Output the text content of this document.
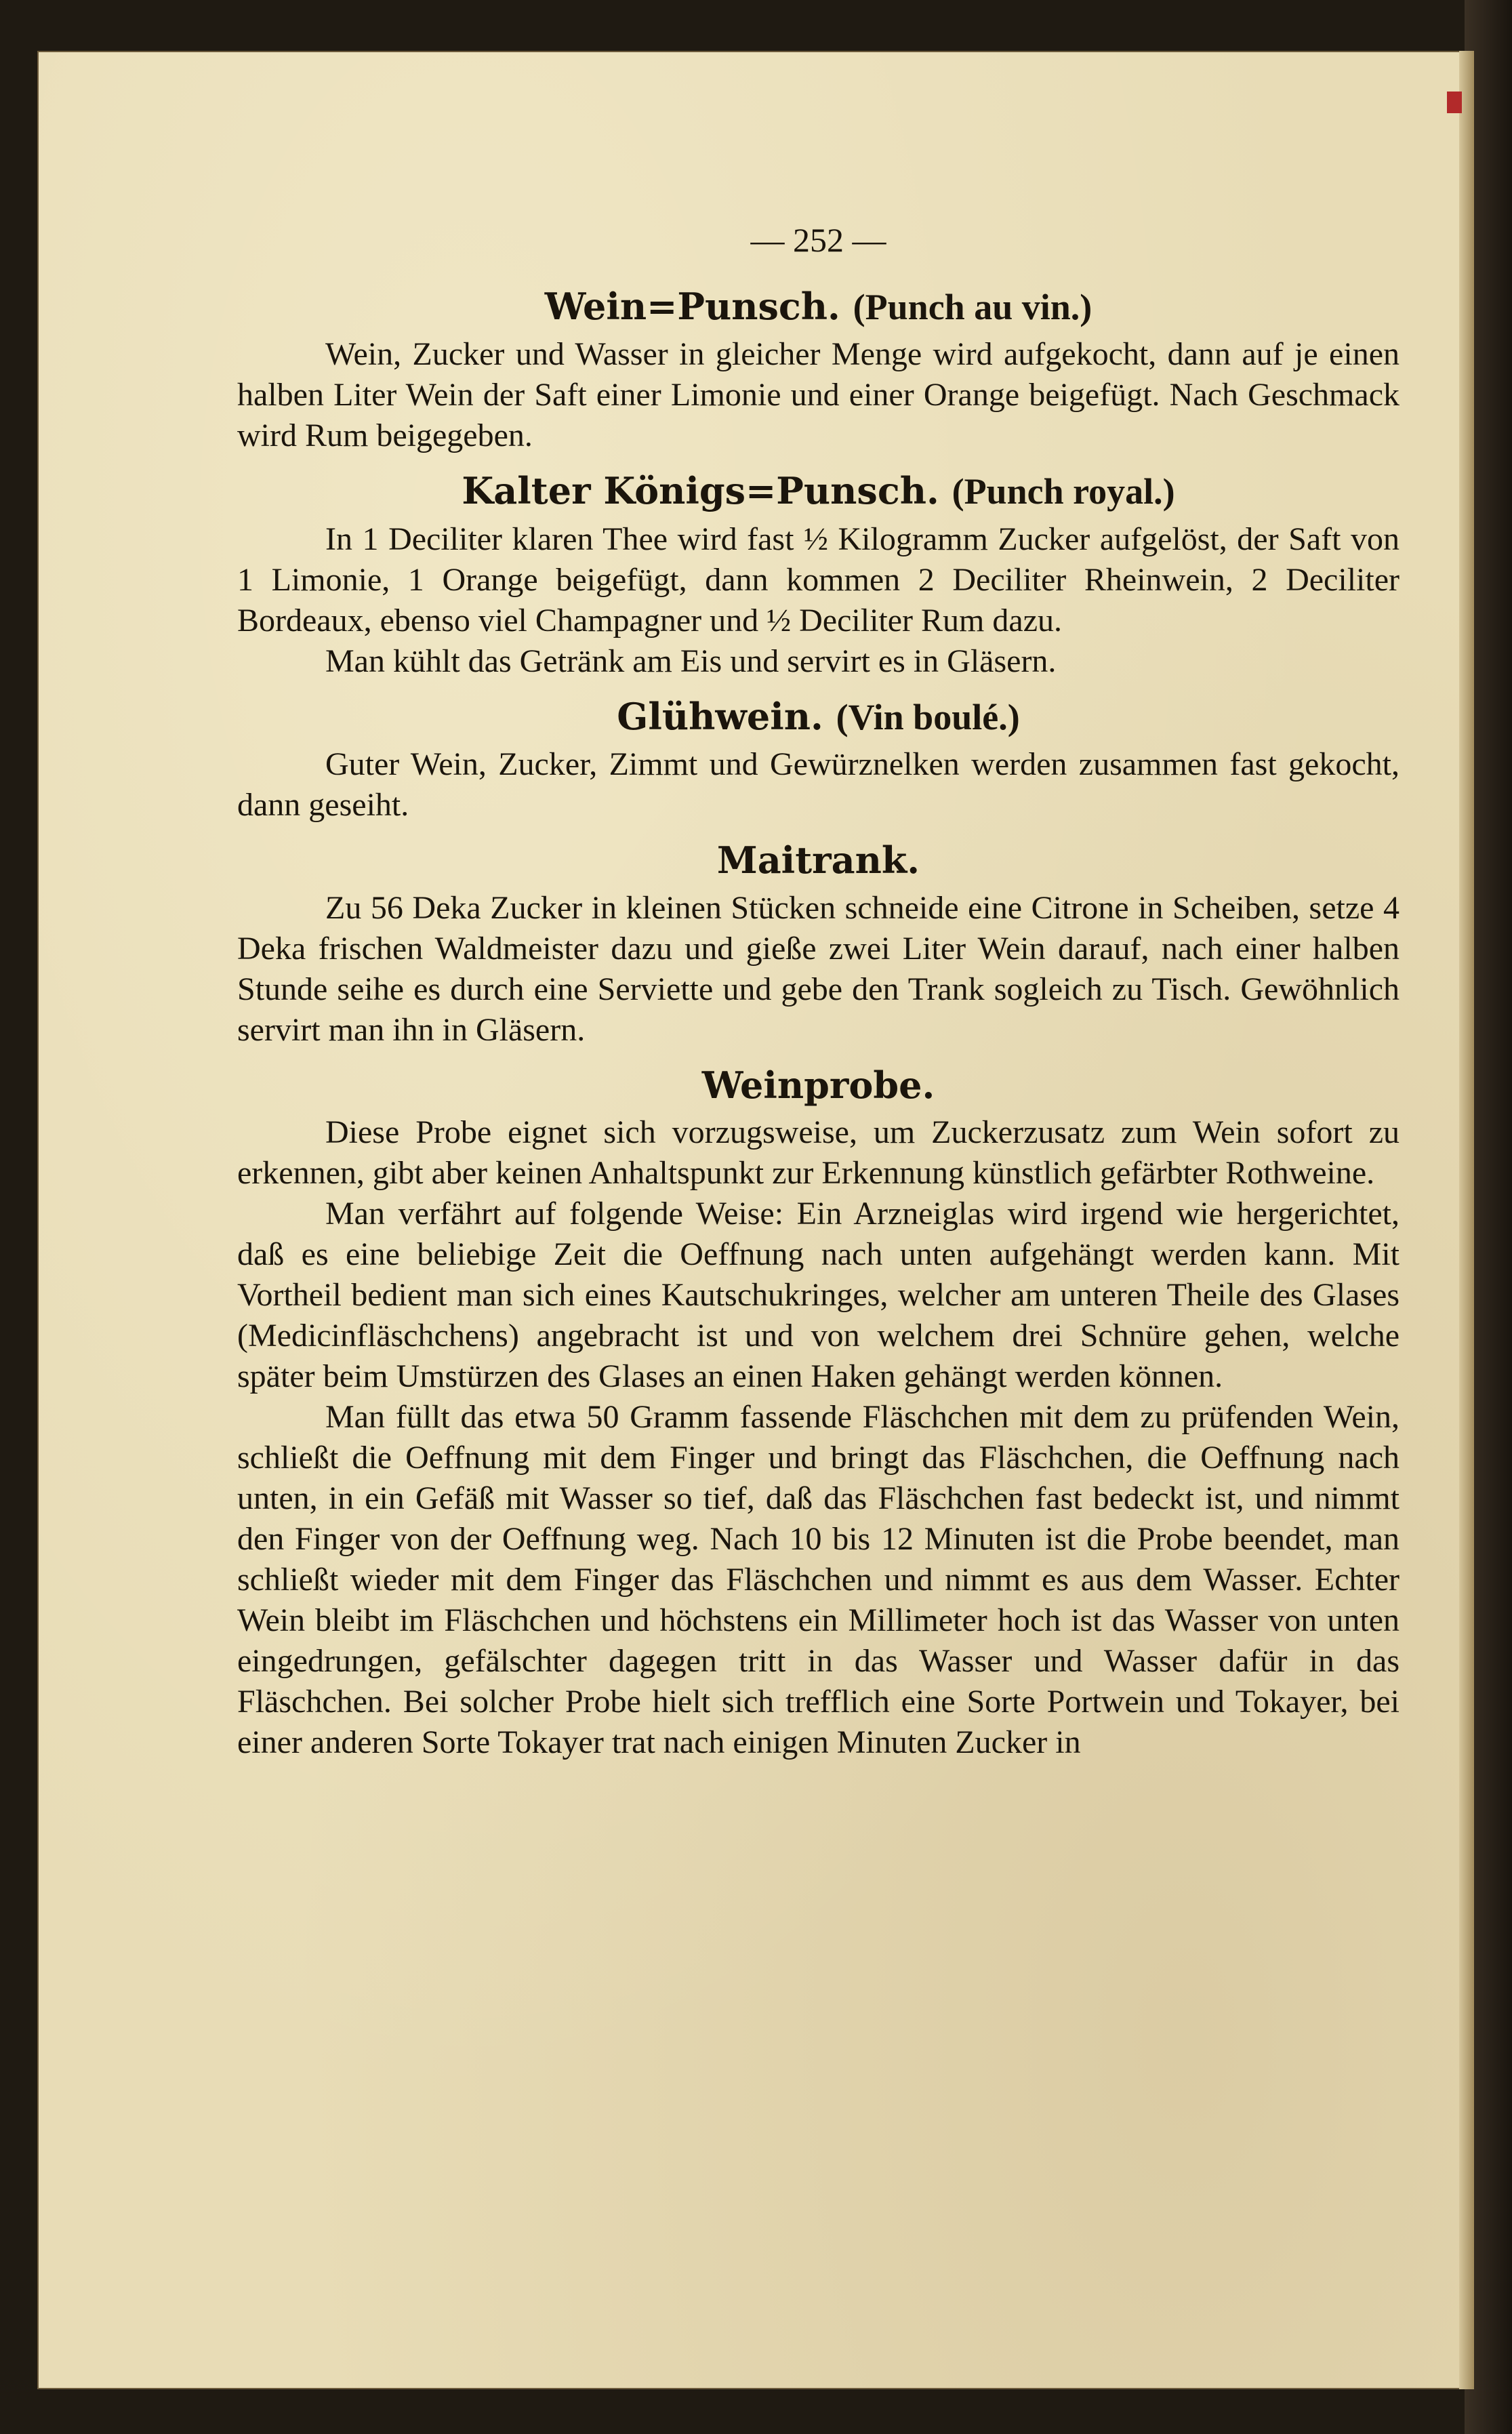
— 252 —
Wein=Punsch. (Punch au vin.)

Wein, Zucker und Wasser in gleicher Menge wird aufgekocht, dann auf je einen halben Liter Wein der Saft einer Limonie und einer Orange beigefügt. Nach Geschmack wird Rum beigegeben.

Kalter Königs=Punsch. (Punch royal.)

In 1 Deciliter klaren Thee wird fast ½ Kilogramm Zucker aufgelöst, der Saft von 1 Limonie, 1 Orange beigefügt, dann kommen 2 Deciliter Rheinwein, 2 Deciliter Bordeaux, ebenso viel Champagner und ½ Deciliter Rum dazu.

Man kühlt das Getränk am Eis und servirt es in Gläsern.

Glühwein. (Vin boulé.)

Guter Wein, Zucker, Zimmt und Gewürznelken werden zusammen fast gekocht, dann geseiht.

Maitrank.

Zu 56 Deka Zucker in kleinen Stücken schneide eine Citrone in Scheiben, setze 4 Deka frischen Waldmeister dazu und gieße zwei Liter Wein darauf, nach einer halben Stunde seihe es durch eine Serviette und gebe den Trank sogleich zu Tisch. Gewöhnlich servirt man ihn in Gläsern.

Weinprobe.

Diese Probe eignet sich vorzugsweise, um Zuckerzusatz zum Wein sofort zu erkennen, gibt aber keinen Anhaltspunkt zur Erkennung künstlich gefärbter Rothweine.

Man verfährt auf folgende Weise: Ein Arzneiglas wird irgend wie hergerichtet, daß es eine beliebige Zeit die Oeffnung nach unten aufgehängt werden kann. Mit Vortheil bedient man sich eines Kautschukringes, welcher am unteren Theile des Glases (Medicinfläschchens) angebracht ist und von welchem drei Schnüre gehen, welche später beim Umstürzen des Glases an einen Haken gehängt werden können.

Man füllt das etwa 50 Gramm fassende Fläschchen mit dem zu prüfenden Wein, schließt die Oeffnung mit dem Finger und bringt das Fläschchen, die Oeffnung nach unten, in ein Gefäß mit Wasser so tief, daß das Fläschchen fast bedeckt ist, und nimmt den Finger von der Oeffnung weg. Nach 10 bis 12 Minuten ist die Probe beendet, man schließt wieder mit dem Finger das Fläschchen und nimmt es aus dem Wasser. Echter Wein bleibt im Fläschchen und höchstens ein Millimeter hoch ist das Wasser von unten eingedrungen, gefälschter dagegen tritt in das Wasser und Wasser dafür in das Fläschchen. Bei solcher Probe hielt sich trefflich eine Sorte Portwein und Tokayer, bei einer anderen Sorte Tokayer trat nach einigen Minuten Zucker in
